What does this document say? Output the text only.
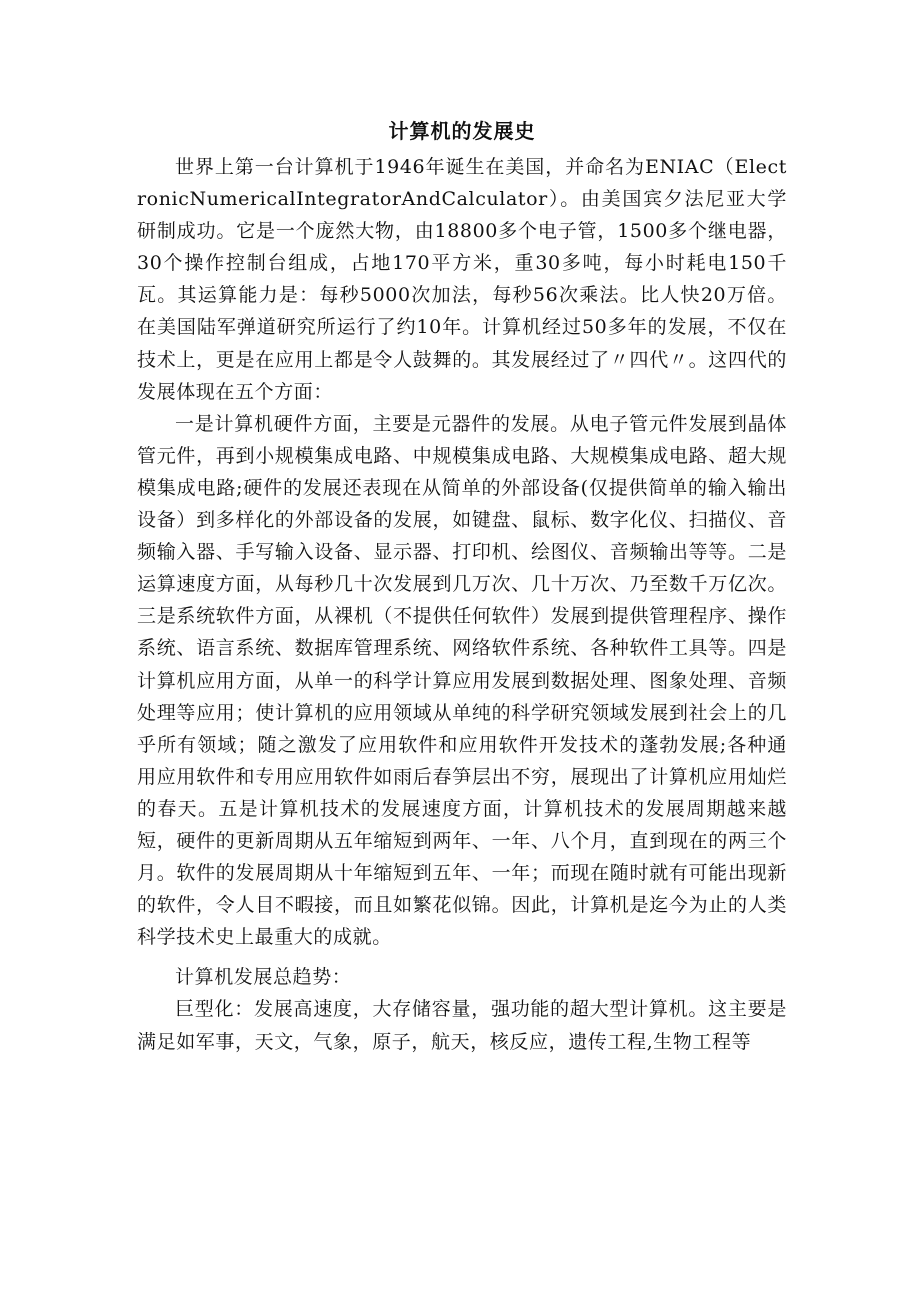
计算机的发展史

世界上第一台计算机于1946年诞生在美国，并命名为ENIAC（ElectronicNumericalIntegratorAndCalculator）。由美国宾夕法尼亚大学研制成功。它是一个庞然大物，由18800多个电子管，1500多个继电器，30个操作控制台组成，占地170平方米，重30多吨，每小时耗电150千瓦。其运算能力是：每秒5000次加法，每秒56次乘法。比人快20万倍。在美国陆军弹道研究所运行了约10年。计算机经过50多年的发展，不仅在技术上，更是在应用上都是令人鼓舞的。其发展经过了〃四代〃。这四代的发展体现在五个方面：

一是计算机硬件方面，主要是元器件的发展。从电子管元件发展到晶体管元件，再到小规模集成电路、中规模集成电路、大规模集成电路、超大规模集成电路;硬件的发展还表现在从简单的外部设备(仅提供简单的输入输出设备）到多样化的外部设备的发展，如键盘、鼠标、数字化仪、扫描仪、音频输入器、手写输入设备、显示器、打印机、绘图仪、音频输出等等。二是运算速度方面，从每秒几十次发展到几万次、几十万次、乃至数千万亿次。三是系统软件方面，从裸机（不提供任何软件）发展到提供管理程序、操作系统、语言系统、数据库管理系统、网络软件系统、各种软件工具等。四是计算机应用方面，从单一的科学计算应用发展到数据处理、图象处理、音频处理等应用；使计算机的应用领域从单纯的科学研究领域发展到社会上的几乎所有领域；随之激发了应用软件和应用软件开发技术的蓬勃发展;各种通用应用软件和专用应用软件如雨后春笋层出不穷，展现出了计算机应用灿烂的春天。五是计算机技术的发展速度方面，计算机技术的发展周期越来越短，硬件的更新周期从五年缩短到两年、一年、八个月，直到现在的两三个月。软件的发展周期从十年缩短到五年、一年；而现在随时就有可能出现新的软件，令人目不暇接，而且如繁花似锦。因此，计算机是迄今为止的人类科学技术史上最重大的成就。

计算机发展总趋势：

巨型化：发展高速度，大存储容量，强功能的超大型计算机。这主要是满足如军事，天文，气象，原子，航天，核反应，遗传工程,生物工程等
